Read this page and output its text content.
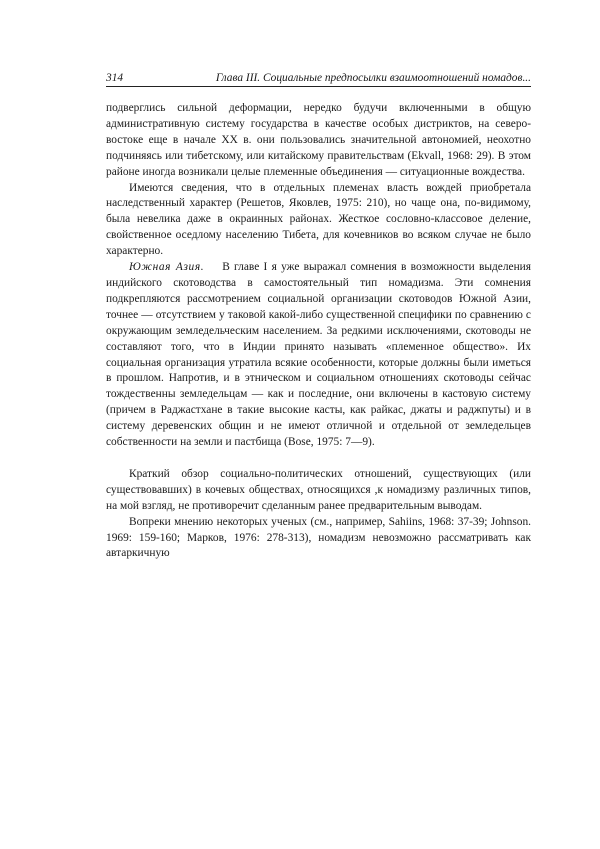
314	Глава III. Социальные предпосылки взаимоотношений номадов...

подверглись сильной деформации, нередко будучи включенными в общую административную систему государства в качестве особых дистриктов, на северо-востоке еще в начале XX в. они пользовались значительной автономией, неохотно подчиняясь или тибетскому, или китайскому правительствам (Ekvall, 1968: 29). В этом районе иногда возникали целые племенные объединения — ситуационные вождества.

Имеются сведения, что в отдельных племенах власть вождей приобретала наследственный характер (Решетов, Яковлев, 1975: 210), но чаще она, по-видимому, была невелика даже в окраинных районах. Жесткое сословно-классовое деление, свойственное оседлому населению Тибета, для кочевников во всяком случае не было характерно.

Южная Азия. В главе I я уже выражал сомнения в возможности выделения индийского скотоводства в самостоятельный тип номадизма. Эти сомнения подкрепляются рассмотрением социальной организации скотоводов Южной Азии, точнее — отсутствием у таковой какой-либо существенной специфики по сравнению с окружающим земледельческим населением. За редкими исключениями, скотоводы не составляют того, что в Индии принято называть «племенное общество». Их социальная организация утратила всякие особенности, которые должны были иметься в прошлом. Напротив, и в этническом и социальном отношениях скотоводы сейчас тождественны земледельцам — как и последние, они включены в кастовую систему (причем в Раджастхане в такие высокие касты, как райкас, джаты и раджпуты) и в систему деревенских общин и не имеют отличной и отдельной от земледельцев собственности на земли и пастбища (Bose, 1975: 7—9).

Краткий обзор социально-политических отношений, существующих (или существовавших) в кочевых обществах, относящихся ,к номадизму различных типов, на мой взгляд, не противоречит сделанным ранее предварительным выводам.

Вопреки мнению некоторых ученых (см., например, Sahiins, 1968: 37-39; Johnson. 1969: 159-160; Марков, 1976: 278-313), номадизм невозможно рассматривать как автаркичную
